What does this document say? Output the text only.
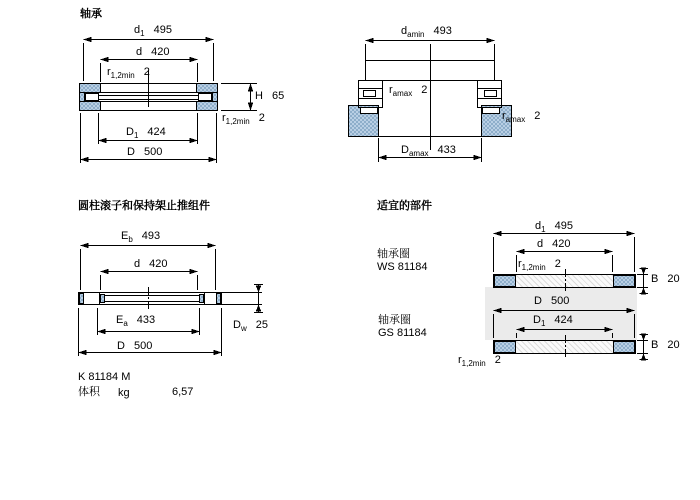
轴承
$d_1$ 495
d 420
$r_{1,2min}$ 2
H 65
$r_{1,2min}$ 2
$D_1$ 424
D 500
$d_{amin}$ 493
$r_{amax}$ 2
$r_{amax}$ 2
$D_{amax}$ 433
圆柱滚子和保持架止推组件
$E_b$ 493
d 420
$E_a$ 433
D 500
$D_w$ 25
K 81184 M
体积 kg	6,57
适宜的部件
轴承圈
WS 81184
轴承圈
GS 81184
$d_1$ 495
d 420
$r_{1,2min}$ 2
B 20
D 500
$D_1$ 424
B 20
$r_{1,2min}$ 2
